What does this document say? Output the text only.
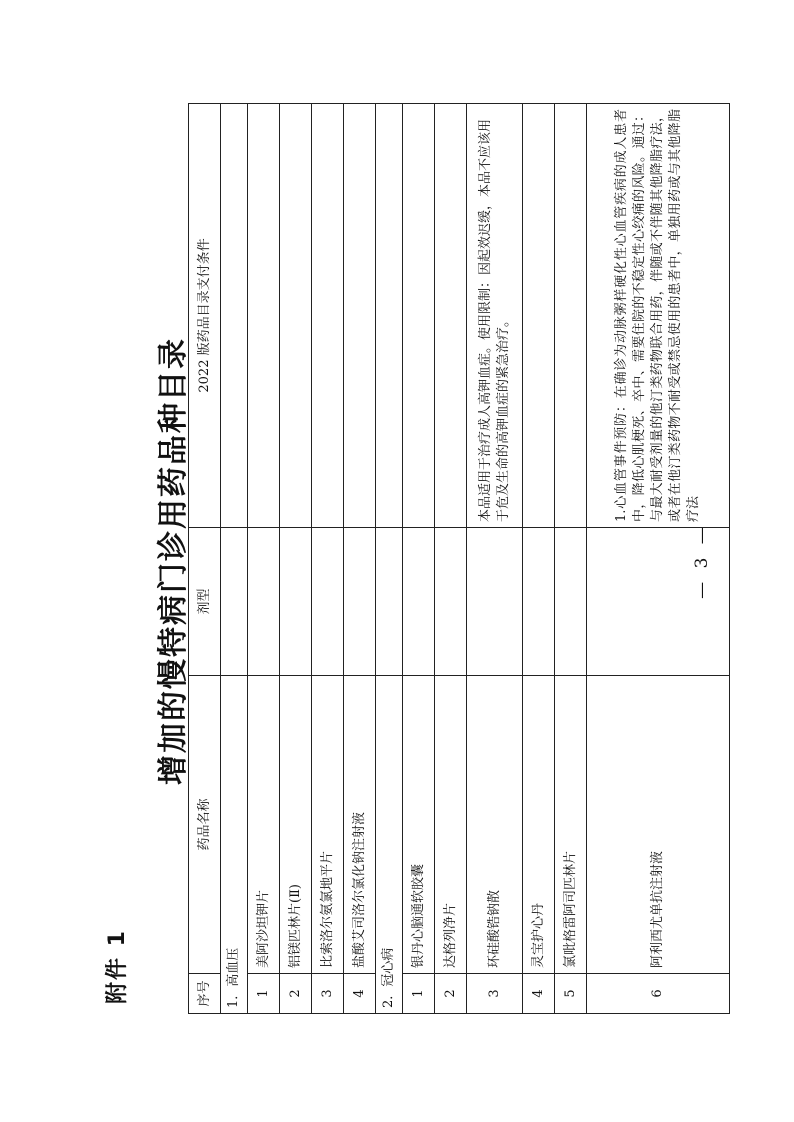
附件 1
增加的慢特病门诊用药品种目录
序号	药品名称	剂型	2022 版药品目录支付条件
1．高血压			
1	美阿沙坦钾片		
2	铝镁匹林片(Ⅱ)		
3	比索洛尔氨氯地平片		
4	盐酸艾司洛尔氯化钠注射液		
2．冠心病			
1	银丹心脑通软胶囊		
2	达格列净片		
3	环硅酸锆钠散		本品适用于治疗成人高钾血症。使用限制：因起效迟缓，本品不应该用于危及生命的高钾血症的紧急治疗。
4	灵宝护心丹		
5	氯吡格雷阿司匹林片		
6	阿利西尤单抗注射液		1.心血管事件预防：在确诊为动脉粥样硬化性心血管疾病的成人患者中，降低心肌梗死、卒中、需要住院的不稳定性心绞痛的风险。通过：与最大耐受剂量的他汀类药物联合用药，伴随或不伴随其他降脂疗法，或者在他汀类药物不耐受或禁忌使用的患者中，单独用药或与其他降脂疗法
— 3 —
